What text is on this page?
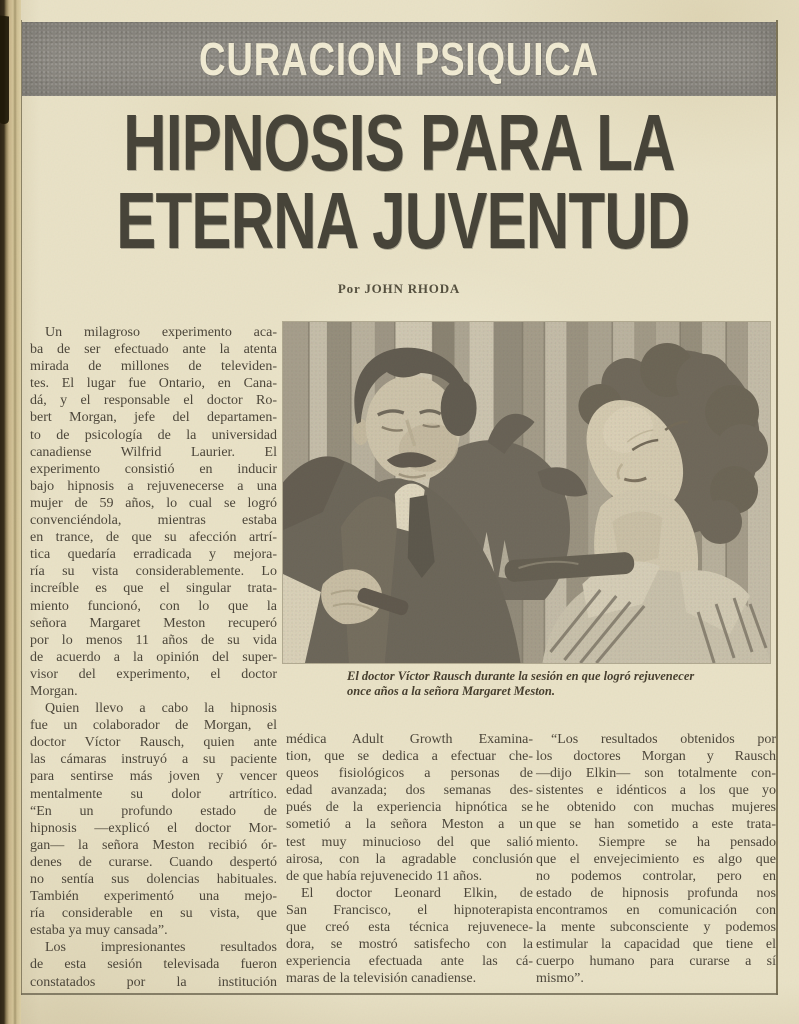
CURACION PSIQUICA
HIPNOSIS PARA LA
ETERNA JUVENTUD
Por JOHN RHODA
El doctor Víctor Rausch durante la sesión en que logró rejuvenecer
once años a la señora Margaret Meston.
Un milagroso experimento aca-
ba de ser efectuado ante la atenta
mirada de millones de televiden-
tes. El lugar fue Ontario, en Cana-
dá, y el responsable el doctor Ro-
bert Morgan, jefe del departamen-
to de psicología de la universidad
canadiense Wilfrid Laurier. El
experimento consistió en inducir
bajo hipnosis a rejuvenecerse a una
mujer de 59 años, lo cual se logró
convenciéndola, mientras estaba
en trance, de que su afección artrí-
tica quedaría erradicada y mejora-
ría su vista considerablemente. Lo
increíble es que el singular trata-
miento funcionó, con lo que la
señora Margaret Meston recuperó
por lo menos 11 años de su vida
de acuerdo a la opinión del super-
visor del experimento, el doctor
Morgan.
Quien llevo a cabo la hipnosis
fue un colaborador de Morgan, el
doctor Víctor Rausch, quien ante
las cámaras instruyó a su paciente
para sentirse más joven y vencer
mentalmente su dolor artrítico.
“En un profundo estado de
hipnosis —explicó el doctor Mor-
gan— la señora Meston recibió ór-
denes de curarse. Cuando despertó
no sentía sus dolencias habituales.
También experimentó una mejo-
ría considerable en su vista, que
estaba ya muy cansada”.
Los impresionantes resultados
de esta sesión televisada fueron
constatados por la institución
médica Adult Growth Examina-
tion, que se dedica a efectuar che-
queos fisiológicos a personas de
edad avanzada; dos semanas des-
pués de la experiencia hipnótica se
sometió a la señora Meston a un
test muy minucioso del que salió
airosa, con la agradable conclusión
de que había rejuvenecido 11 años.
El doctor Leonard Elkin, de
San Francisco, el hipnoterapista
que creó esta técnica rejuvenece-
dora, se mostró satisfecho con la
experiencia efectuada ante las cá-
maras de la televisión canadiense.
“Los resultados obtenidos por
los doctores Morgan y Rausch
—dijo Elkin— son totalmente con-
sistentes e idénticos a los que yo
he obtenido con muchas mujeres
que se han sometido a este trata-
miento. Siempre se ha pensado
que el envejecimiento es algo que
no podemos controlar, pero en
estado de hipnosis profunda nos
encontramos en comunicación con
la mente subconsciente y podemos
estimular la capacidad que tiene el
cuerpo humano para curarse a sí
mismo”.
